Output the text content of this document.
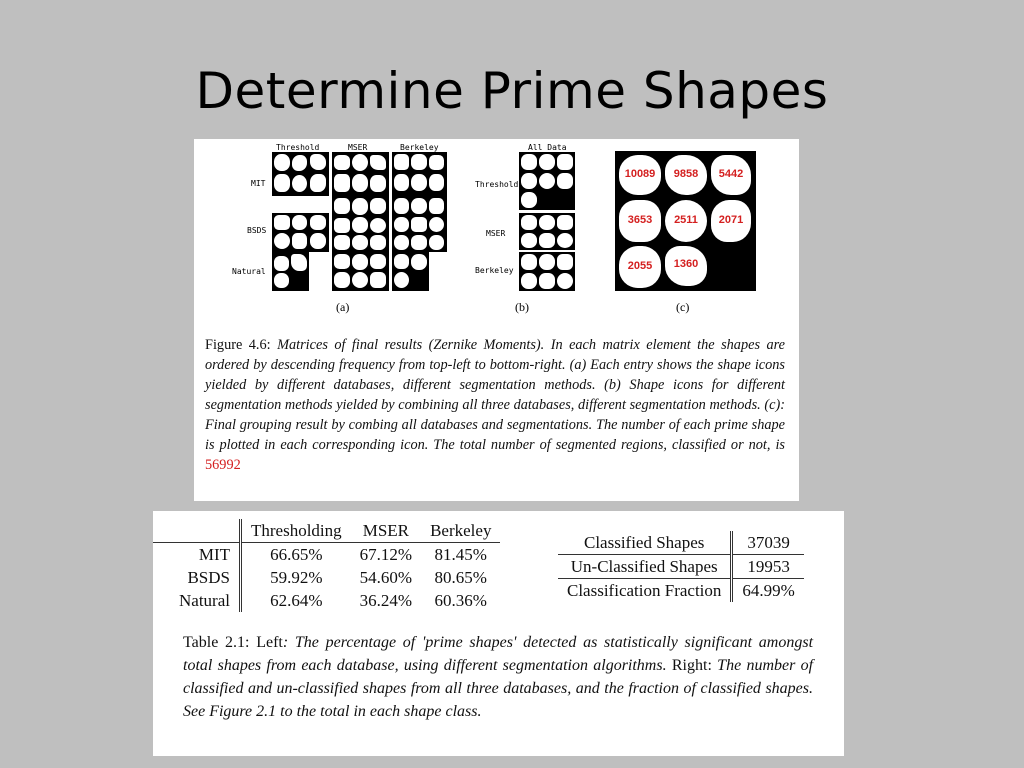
Determine Prime Shapes
Threshold	MSER	Berkeley
MIT
BSDS
Natural
All Data
Threshold
MSER
Berkeley
10089	9858	5442
3653	2511	2071
2055	1360
(a)	(b)	(c)
Figure 4.6: Matrices of final results (Zernike Moments). In each matrix element the shapes are ordered by descending frequency from top-left to bottom-right. (a) Each entry shows the shape icons yielded by different databases, different segmentation methods. (b) Shape icons for different segmentation methods yielded by combining all three databases, different segmentation methods. (c): Final grouping result by combing all databases and segmentations. The number of each prime shape is plotted in each corresponding icon. The total number of segmented regions, classified or not, is 56992
	Thresholding	MSER	Berkeley
MIT	66.65%	67.12%	81.45%
BSDS	59.92%	54.60%	80.65%
Natural	62.64%	36.24%	60.36%
Classified Shapes	37039
Un-Classified Shapes	19953
Classification Fraction	64.99%
Table 2.1: Left: The percentage of 'prime shapes' detected as statistically significant amongst total shapes from each database, using different segmentation algorithms. Right: The number of classified and un-classified shapes from all three databases, and the fraction of classified shapes. See Figure 2.1 to the total in each shape class.
